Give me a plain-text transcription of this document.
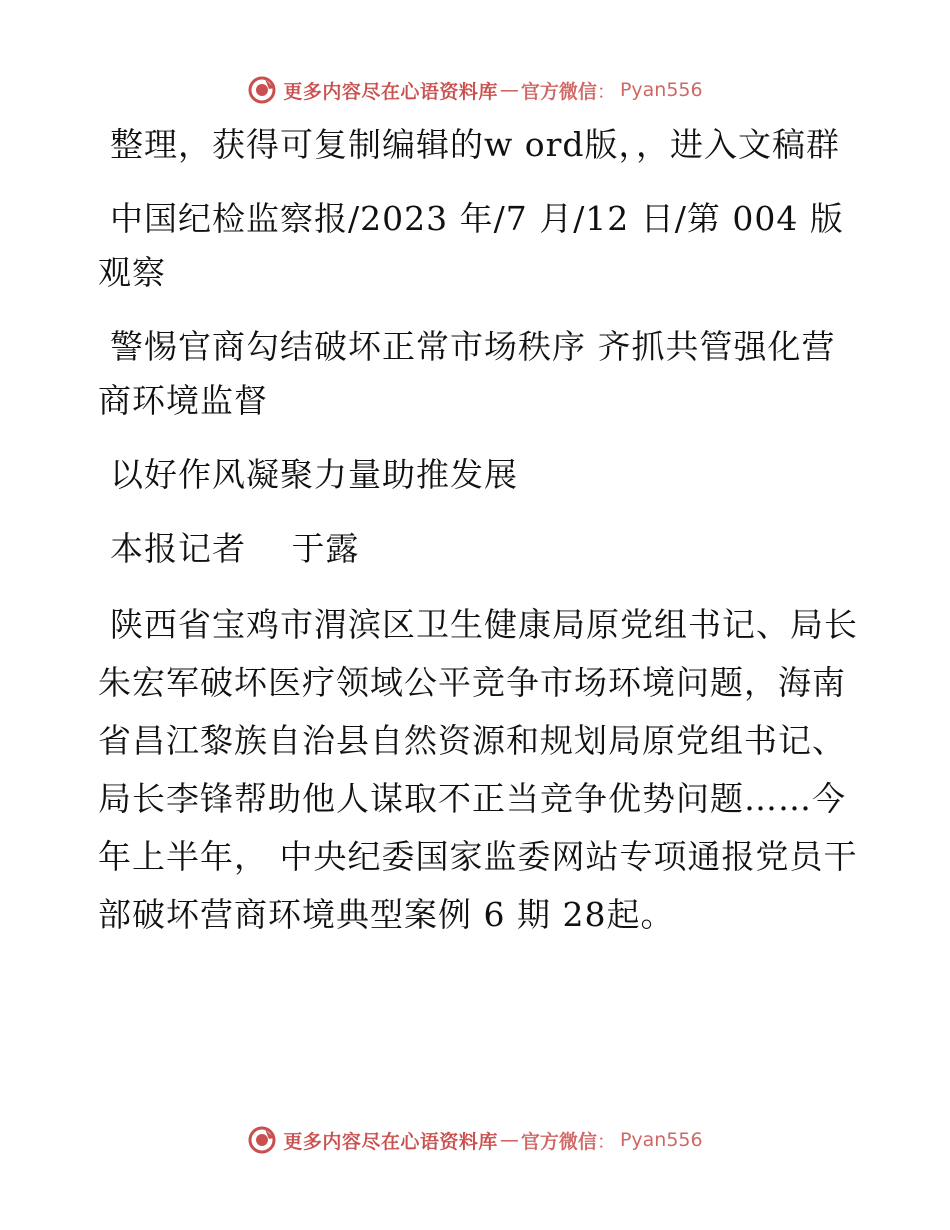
更多内容尽在心语资料库 — 官方微信 ： Pyan556

整理，获得可复制编辑的w ord版，，进入文稿群

中国纪检监察报/2023 年/7 月/12 日/第 004 版观察

警惕官商勾结破坏正常市场秩序 齐抓共管强化营商环境监督

以好作风凝聚力量助推发展

本报记者　 于露

陕西省宝鸡市渭滨区卫生健康局原党组书记、局长朱宏军破坏医疗领域公平竞争市场环境问题，海南省昌江黎族自治县自然资源和规划局原党组书记、局长李锋帮助他人谋取不正当竞争优势问题……今年上半年， 中央纪委国家监委网站专项通报党员干部破坏营商环境典型案例 6 期 28起。

更多内容尽在心语资料库 — 官方微信 ： Pyan556
